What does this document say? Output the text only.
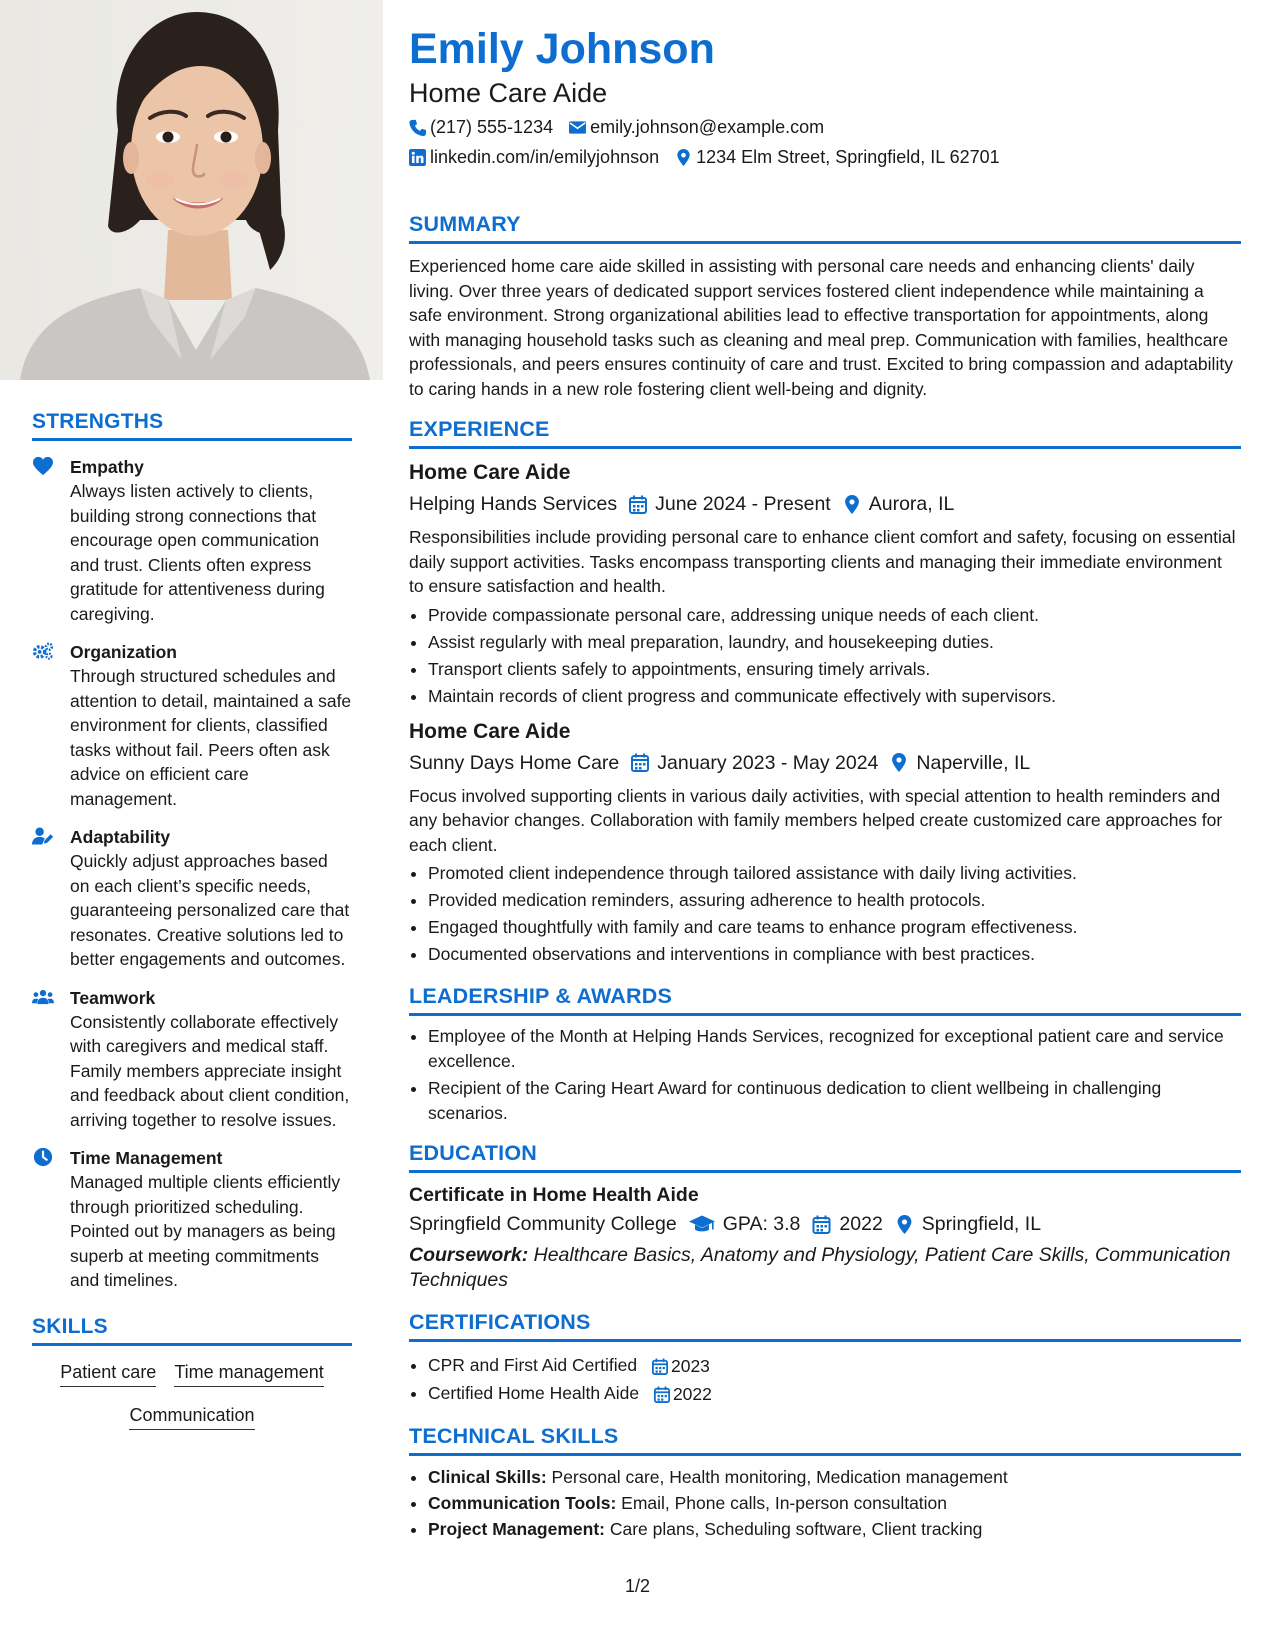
STRENGTHS
Empathy
Always listen actively to clients, building strong connections that encourage open communication and trust. Clients often express gratitude for attentiveness during caregiving.
Organization
Through structured schedules and attention to detail, maintained a safe environment for clients, classified tasks without fail. Peers often ask advice on efficient care management.
Adaptability
Quickly adjust approaches based on each client’s specific needs, guaranteeing personalized care that resonates. Creative solutions led to better engagements and outcomes.
Teamwork
Consistently collaborate effectively with caregivers and medical staff. Family members appreciate insight and feedback about client condition, arriving together to resolve issues.
Time Management
Managed multiple clients efficiently through prioritized scheduling. Pointed out by managers as being superb at meeting commitments and timelines.
SKILLS
Patient care Time management
Communication
Emily Johnson
Home Care Aide
(217) 555-1234 emily.johnson@example.com
linkedin.com/in/emilyjohnson 1234 Elm Street, Springfield, IL 62701
SUMMARY
Experienced home care aide skilled in assisting with personal care needs and enhancing clients' daily living. Over three years of dedicated support services fostered client independence while maintaining a safe environment. Strong organizational abilities lead to effective transportation for appointments, along with managing household tasks such as cleaning and meal prep. Communication with families, healthcare professionals, and peers ensures continuity of care and trust. Excited to bring compassion and adaptability to caring hands in a new role fostering client well-being and dignity.
EXPERIENCE
Home Care Aide
Helping Hands Services June 2024 - Present Aurora, IL
Responsibilities include providing personal care to enhance client comfort and safety, focusing on essential daily support activities. Tasks encompass transporting clients and managing their immediate environment to ensure satisfaction and health.
• Provide compassionate personal care, addressing unique needs of each client.
• Assist regularly with meal preparation, laundry, and housekeeping duties.
• Transport clients safely to appointments, ensuring timely arrivals.
• Maintain records of client progress and communicate effectively with supervisors.
Home Care Aide
Sunny Days Home Care January 2023 - May 2024 Naperville, IL
Focus involved supporting clients in various daily activities, with special attention to health reminders and any behavior changes. Collaboration with family members helped create customized care approaches for each client.
• Promoted client independence through tailored assistance with daily living activities.
• Provided medication reminders, assuring adherence to health protocols.
• Engaged thoughtfully with family and care teams to enhance program effectiveness.
• Documented observations and interventions in compliance with best practices.
LEADERSHIP & AWARDS
• Employee of the Month at Helping Hands Services, recognized for exceptional patient care and service excellence.
• Recipient of the Caring Heart Award for continuous dedication to client wellbeing in challenging scenarios.
EDUCATION
Certificate in Home Health Aide
Springfield Community College GPA: 3.8 2022 Springfield, IL
Coursework: Healthcare Basics, Anatomy and Physiology, Patient Care Skills, Communication Techniques
CERTIFICATIONS
• CPR and First Aid Certified 2023
• Certified Home Health Aide 2022
TECHNICAL SKILLS
• Clinical Skills: Personal care, Health monitoring, Medication management
• Communication Tools: Email, Phone calls, In-person consultation
• Project Management: Care plans, Scheduling software, Client tracking
1/2
